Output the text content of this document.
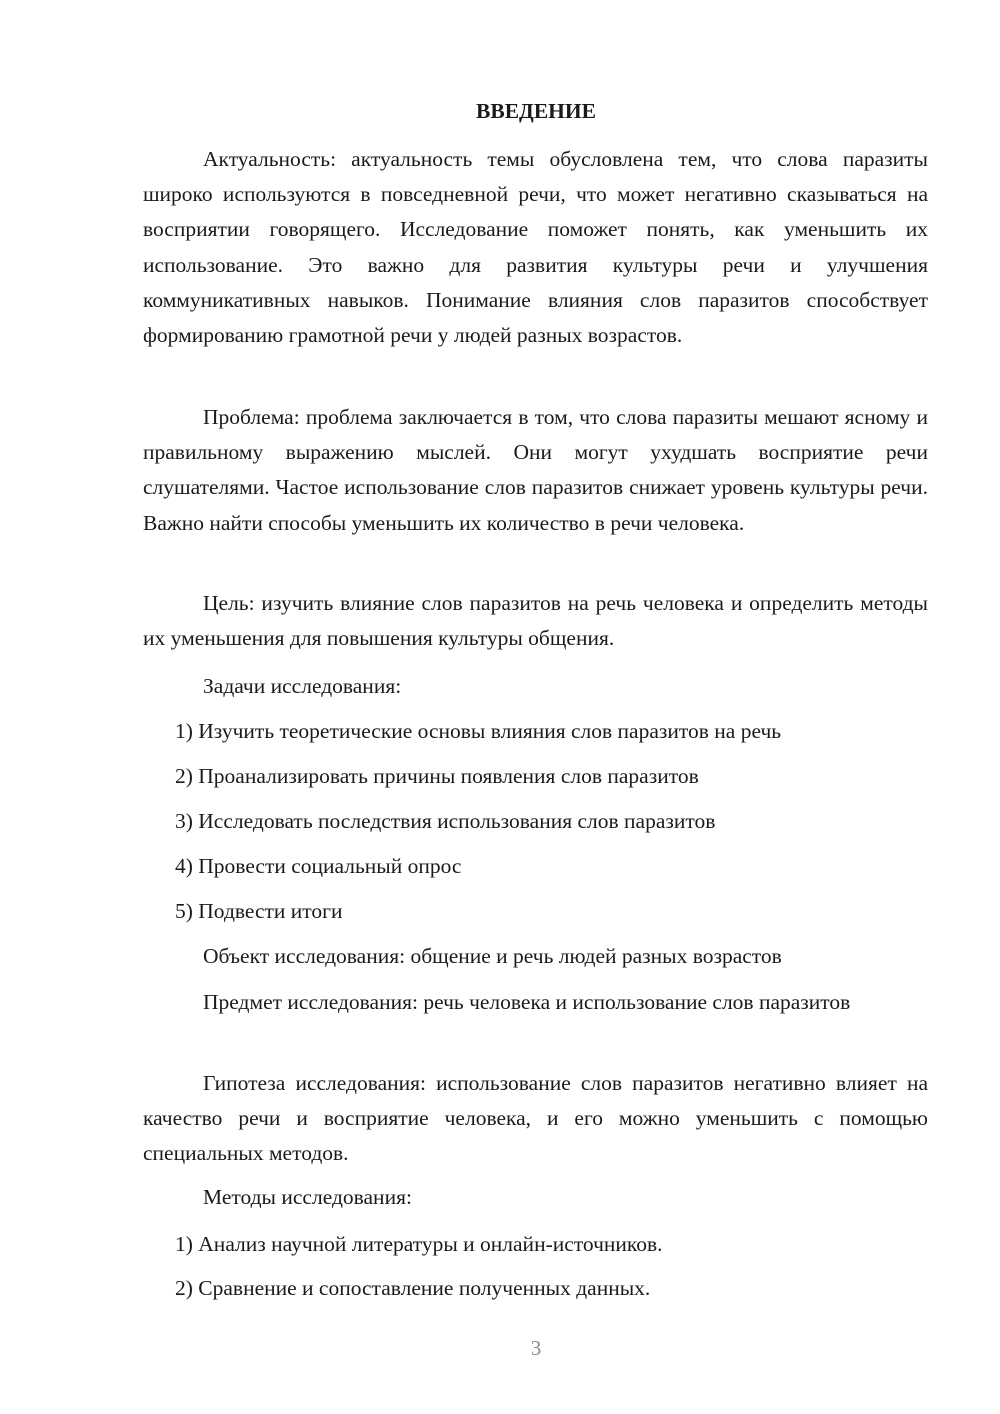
ВВЕДЕНИЕ

Актуальность: актуальность темы обусловлена тем, что слова паразиты широко используются в повседневной речи, что может негативно сказываться на восприятии говорящего. Исследование поможет понять, как уменьшить их использование. Это важно для развития культуры речи и улучшения коммуникативных навыков. Понимание влияния слов паразитов способствует формированию грамотной речи у людей разных возрастов.

Проблема: проблема заключается в том, что слова паразиты мешают ясному и правильному выражению мыслей. Они могут ухудшать восприятие речи слушателями. Частое использование слов паразитов снижает уровень культуры речи. Важно найти способы уменьшить их количество в речи человека.

Цель: изучить влияние слов паразитов на речь человека и определить методы их уменьшения для повышения культуры общения.

Задачи исследования:

1) Изучить теоретические основы влияния слов паразитов на речь

2) Проанализировать причины появления слов паразитов

3) Исследовать последствия использования слов паразитов

4) Провести социальный опрос

5) Подвести итоги

Объект исследования: общение и речь людей разных возрастов

Предмет исследования: речь человека и использование слов паразитов

Гипотеза исследования: использование слов паразитов негативно влияет на качество речи и восприятие человека, и его можно уменьшить с помощью специальных методов.

Методы исследования:

1) Анализ научной литературы и онлайн-источников.

2) Сравнение и сопоставление полученных данных.

3
